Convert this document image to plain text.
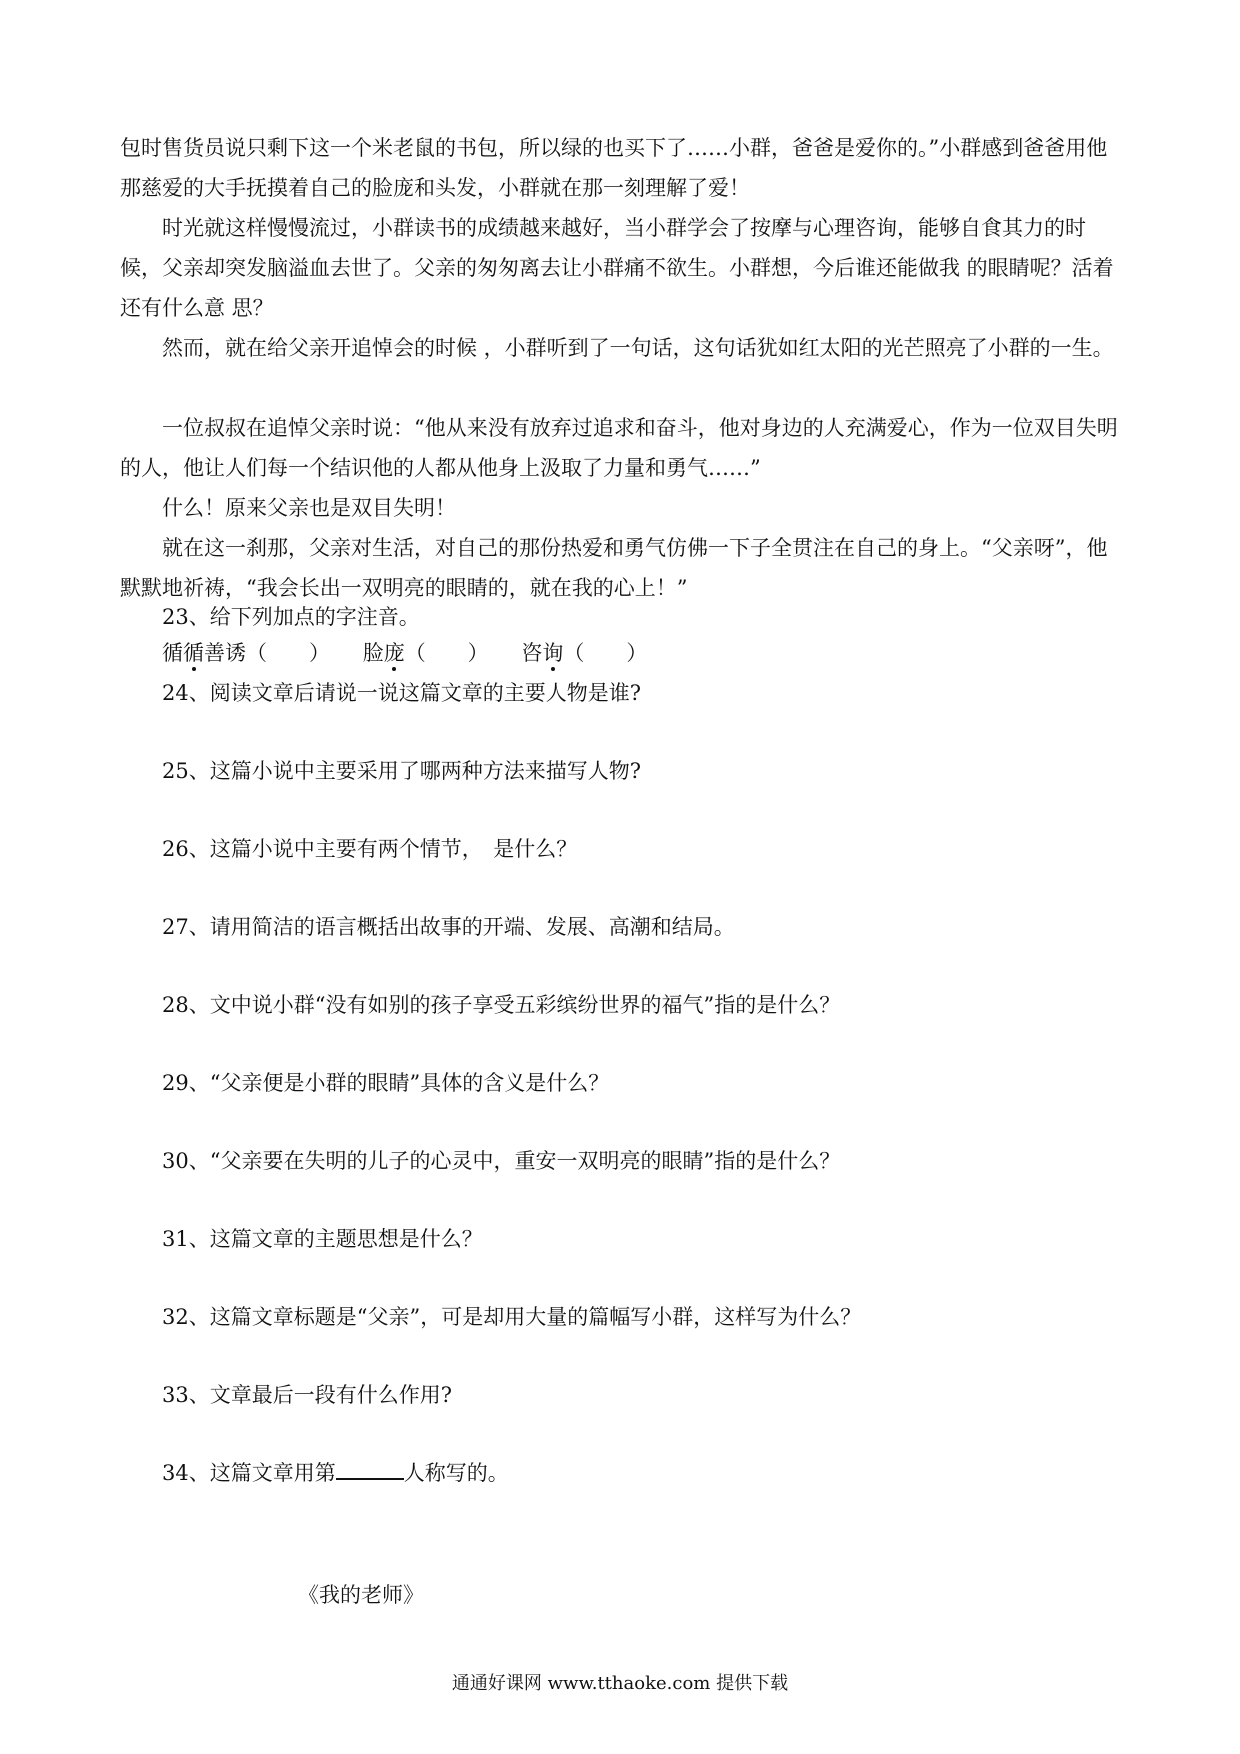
包时售货员说只剩下这一个米老鼠的书包，所以绿的也买下了……小群，爸爸是爱你的。”小群感到爸爸用他那慈爱的大手抚摸着自己的脸庞和头发，小群就在那一刻理解了爱！

时光就这样慢慢流过，小群读书的成绩越来越好，当小群学会了按摩与心理咨询，能够自食其力的时候，父亲却突发脑溢血去世了。父亲的匆匆离去让小群痛不欲生。小群想，今后谁还能做我 的眼睛呢？活着还有什么意 思？

然而，就在给父亲开追悼会的时候 ，小群听到了一句话，这句话犹如红太阳的光芒照亮了小群的一生。

一位叔叔在追悼父亲时说：“他从来没有放弃过追求和奋斗，他对身边的人充满爱心，作为一位双目失明的人，他让人们每一个结识他的人都从他身上汲取了力量和勇气……”

什么！原来父亲也是双目失明！

就在这一刹那，父亲对生活，对自己的那份热爱和勇气仿佛一下子全贯注在自己的身上。“父亲呀”，他默默地祈祷，“我会长出一双明亮的眼睛的，就在我的心上！”

23、给下列加点的字注音。

循循善诱（　　） 脸庞（　　） 咨询（　　）

24、阅读文章后请说一说这篇文章的主要人物是谁?

25、这篇小说中主要采用了哪两种方法来描写人物?

26、这篇小说中主要有两个情节，　是什么？

27、请用简洁的语言概括出故事的开端、发展、高潮和结局。

28、文中说小群“没有如别的孩子享受五彩缤纷世界的福气”指的是什么？

29、“父亲便是小群的眼睛”具体的含义是什么？

30、“父亲要在失明的儿子的心灵中，重安一双明亮的眼睛”指的是什么？

31、这篇文章的主题思想是什么？

32、这篇文章标题是“父亲”，可是却用大量的篇幅写小群，这样写为什么？

33、文章最后一段有什么作用?

34、这篇文章用第	人称写的。

《我的老师》
通通好课网 www.tthaoke.com 提供下载
